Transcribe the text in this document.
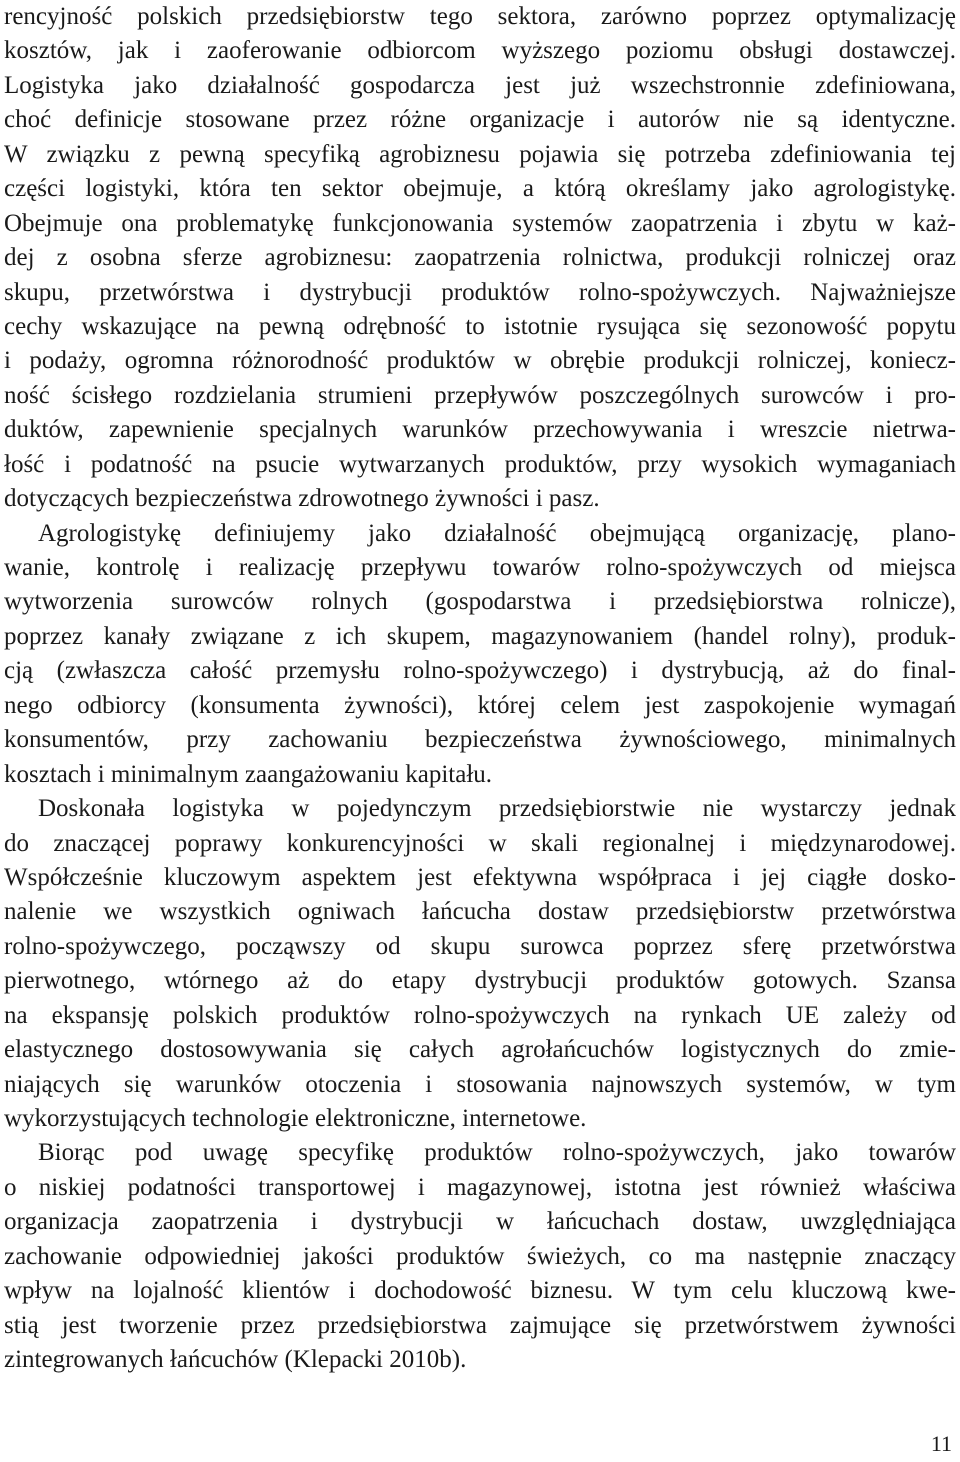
rencyjność polskich przedsiębiorstw tego sektora, zarówno poprzez optymalizację
kosztów, jak i zaoferowanie odbiorcom wyższego poziomu obsługi dostawczej.
Logistyka jako działalność gospodarcza jest już wszechstronnie zdefiniowana,
choć definicje stosowane przez różne organizacje i autorów nie są identyczne.
W związku z pewną specyfiką agrobiznesu pojawia się potrzeba zdefiniowania tej
części logistyki, która ten sektor obejmuje, a którą określamy jako agrologistykę.
Obejmuje ona problematykę funkcjonowania systemów zaopatrzenia i zbytu w każ-
dej z osobna sferze agrobiznesu: zaopatrzenia rolnictwa, produkcji rolniczej oraz
skupu, przetwórstwa i dystrybucji produktów rolno-spożywczych. Najważniejsze
cechy wskazujące na pewną odrębność to istotnie rysująca się sezonowość popytu
i podaży, ogromna różnorodność produktów w obrębie produkcji rolniczej, koniecz-
ność ścisłego rozdzielania strumieni przepływów poszczególnych surowców i pro-
duktów, zapewnienie specjalnych warunków przechowywania i wreszcie nietrwa-
łość i podatność na psucie wytwarzanych produktów, przy wysokich wymaganiach
dotyczących bezpieczeństwa zdrowotnego żywności i pasz.
Agrologistykę definiujemy jako działalność obejmującą organizację, plano-
wanie, kontrolę i realizację przepływu towarów rolno-spożywczych od miejsca
wytworzenia surowców rolnych (gospodarstwa i przedsiębiorstwa rolnicze),
poprzez kanały związane z ich skupem, magazynowaniem (handel rolny), produk-
cją (zwłaszcza całość przemysłu rolno-spożywczego) i dystrybucją, aż do final-
nego odbiorcy (konsumenta żywności), której celem jest zaspokojenie wymagań
konsumentów, przy zachowaniu bezpieczeństwa żywnościowego, minimalnych
kosztach i minimalnym zaangażowaniu kapitału.
Doskonała logistyka w pojedynczym przedsiębiorstwie nie wystarczy jednak
do znaczącej poprawy konkurencyjności w skali regionalnej i międzynarodowej.
Współcześnie kluczowym aspektem jest efektywna współpraca i jej ciągłe dosko-
nalenie we wszystkich ogniwach łańcucha dostaw przedsiębiorstw przetwórstwa
rolno-spożywczego, począwszy od skupu surowca poprzez sferę przetwórstwa
pierwotnego, wtórnego aż do etapy dystrybucji produktów gotowych. Szansa
na ekspansję polskich produktów rolno-spożywczych na rynkach UE zależy od
elastycznego dostosowywania się całych agrołańcuchów logistycznych do zmie-
niających się warunków otoczenia i stosowania najnowszych systemów, w tym
wykorzystujących technologie elektroniczne, internetowe.
Biorąc pod uwagę specyfikę produktów rolno-spożywczych, jako towarów
o niskiej podatności transportowej i magazynowej, istotna jest również właściwa
organizacja zaopatrzenia i dystrybucji w łańcuchach dostaw, uwzględniająca
zachowanie odpowiedniej jakości produktów świeżych, co ma następnie znaczący
wpływ na lojalność klientów i dochodowość biznesu. W tym celu kluczową kwe-
stią jest tworzenie przez przedsiębiorstwa zajmujące się przetwórstwem żywności
zintegrowanych łańcuchów (Klepacki 2010b).
11
